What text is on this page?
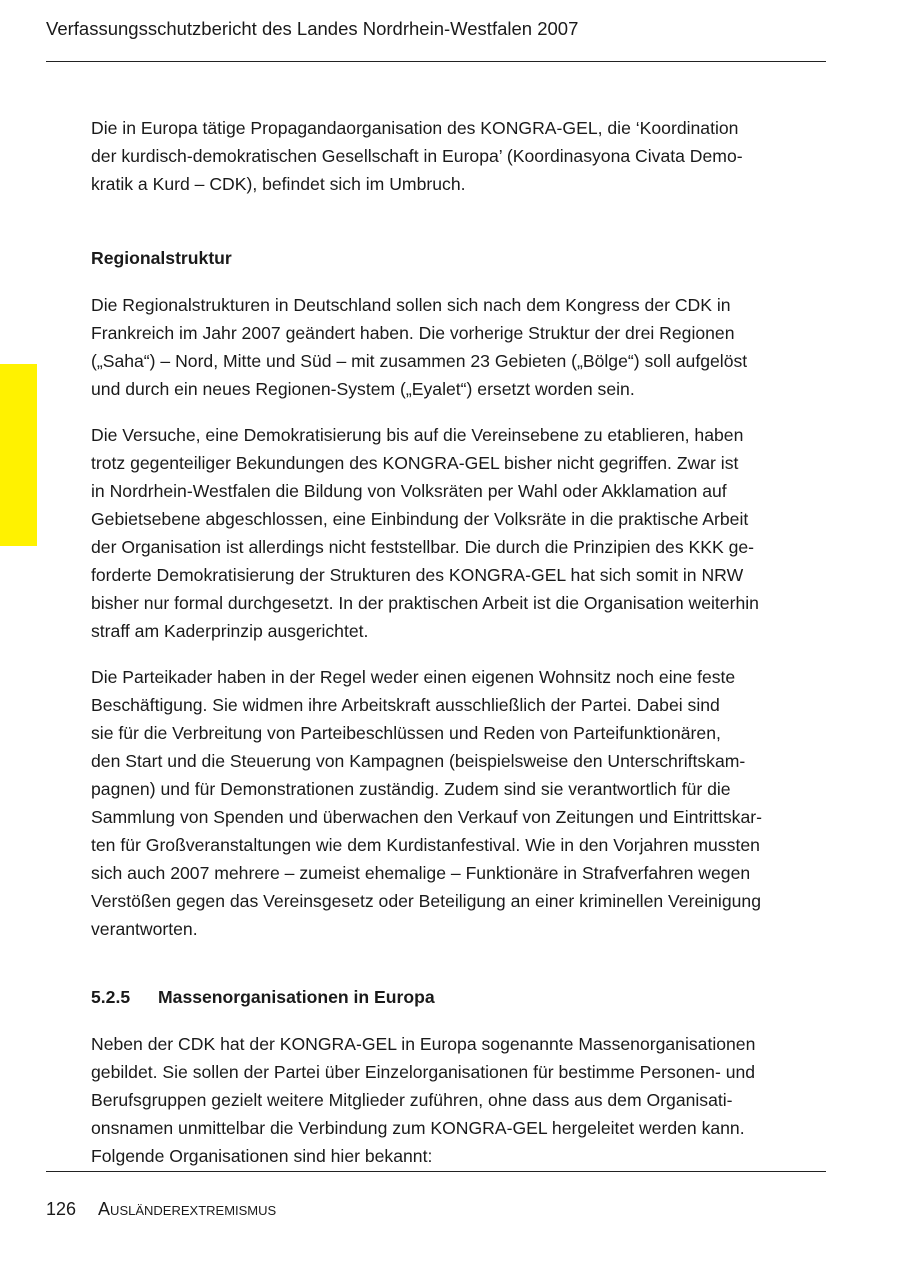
Verfassungsschutzbericht des Landes Nordrhein-Westfalen 2007

Die in Europa tätige Propagandaorganisation des KONGRA-GEL, die ‘Koordination
der kurdisch-demokratischen Gesellschaft in Europa’ (Koordinasyona Civata Demo-
kratik a Kurd – CDK), befindet sich im Umbruch.

Regionalstruktur

Die Regionalstrukturen in Deutschland sollen sich nach dem Kongress der CDK in
Frankreich im Jahr 2007 geändert haben. Die vorherige Struktur der drei Regionen
(„Saha“) – Nord, Mitte und Süd – mit zusammen 23 Gebieten („Bölge“) soll aufgelöst
und durch ein neues Regionen-System („Eyalet“) ersetzt worden sein.

Die Versuche, eine Demokratisierung bis auf die Vereinsebene zu etablieren, haben
trotz gegenteiliger Bekundungen des KONGRA-GEL bisher nicht gegriffen. Zwar ist
in Nordrhein-Westfalen die Bildung von Volksräten per Wahl oder Akklamation auf
Gebietsebene abgeschlossen, eine Einbindung der Volksräte in die praktische Arbeit
der Organisation ist allerdings nicht feststellbar. Die durch die Prinzipien des KKK ge-
forderte Demokratisierung der Strukturen des KONGRA-GEL hat sich somit in NRW
bisher nur formal durchgesetzt. In der praktischen Arbeit ist die Organisation weiterhin
straff am Kaderprinzip ausgerichtet.

Die Parteikader haben in der Regel weder einen eigenen Wohnsitz noch eine feste
Beschäftigung. Sie widmen ihre Arbeitskraft ausschließlich der Partei. Dabei sind
sie für die Verbreitung von Parteibeschlüssen und Reden von Parteifunktionären,
den Start und die Steuerung von Kampagnen (beispielsweise den Unterschriftskam-
pagnen) und für Demonstrationen zuständig. Zudem sind sie verantwortlich für die
Sammlung von Spenden und überwachen den Verkauf von Zeitungen und Eintrittskar-
ten für Großveranstaltungen wie dem Kurdistanfestival. Wie in den Vorjahren mussten
sich auch 2007 mehrere – zumeist ehemalige – Funktionäre in Strafverfahren wegen
Verstößen gegen das Vereinsgesetz oder Beteiligung an einer kriminellen Vereinigung
verantworten.

5.2.5 Massenorganisationen in Europa

Neben der CDK hat der KONGRA-GEL in Europa sogenannte Massenorganisationen
gebildet. Sie sollen der Partei über Einzelorganisationen für bestimme Personen- und
Berufsgruppen gezielt weitere Mitglieder zuführen, ohne dass aus dem Organisati-
onsnamen unmittelbar die Verbindung zum KONGRA-GEL hergeleitet werden kann.
Folgende Organisationen sind hier bekannt:

126 Ausländerextremismus
